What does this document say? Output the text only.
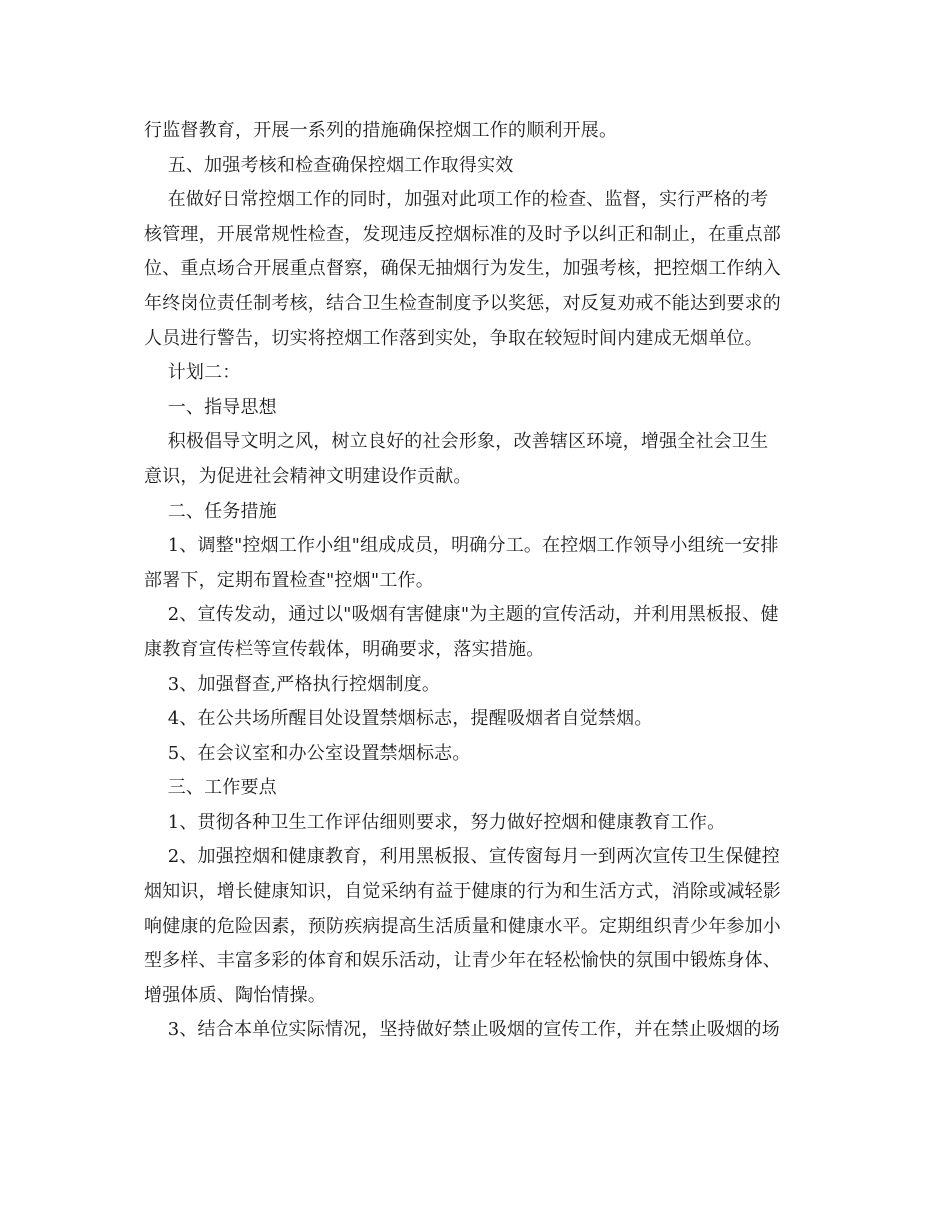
行监督教育，开展一系列的措施确保控烟工作的顺利开展。

五、加强考核和检查确保控烟工作取得实效

在做好日常控烟工作的同时，加强对此项工作的检查、监督，实行严格的考

核管理，开展常规性检查，发现违反控烟标准的及时予以纠正和制止，在重点部

位、重点场合开展重点督察，确保无抽烟行为发生，加强考核，把控烟工作纳入

年终岗位责任制考核，结合卫生检查制度予以奖惩，对反复劝戒不能达到要求的

人员进行警告，切实将控烟工作落到实处，争取在较短时间内建成无烟单位。

计划二：

一、指导思想

积极倡导文明之风，树立良好的社会形象，改善辖区环境，增强全社会卫生

意识，为促进社会精神文明建设作贡献。

二、任务措施

1、调整"控烟工作小组"组成成员，明确分工。在控烟工作领导小组统一安排

部署下，定期布置检查"控烟"工作。

2、宣传发动，通过以"吸烟有害健康"为主题的宣传活动，并利用黑板报、健

康教育宣传栏等宣传载体，明确要求，落实措施。

3、加强督查,严格执行控烟制度。

4、在公共场所醒目处设置禁烟标志，提醒吸烟者自觉禁烟。

5、在会议室和办公室设置禁烟标志。

三、工作要点

1、贯彻各种卫生工作评估细则要求，努力做好控烟和健康教育工作。

2、加强控烟和健康教育，利用黑板报、宣传窗每月一到两次宣传卫生保健控

烟知识，增长健康知识，自觉采纳有益于健康的行为和生活方式，消除或减轻影

响健康的危险因素，预防疾病提高生活质量和健康水平。定期组织青少年参加小

型多样、丰富多彩的体育和娱乐活动，让青少年在轻松愉快的氛围中锻炼身体、

增强体质、陶怡情操。

3、结合本单位实际情况，坚持做好禁止吸烟的宣传工作，并在禁止吸烟的场
